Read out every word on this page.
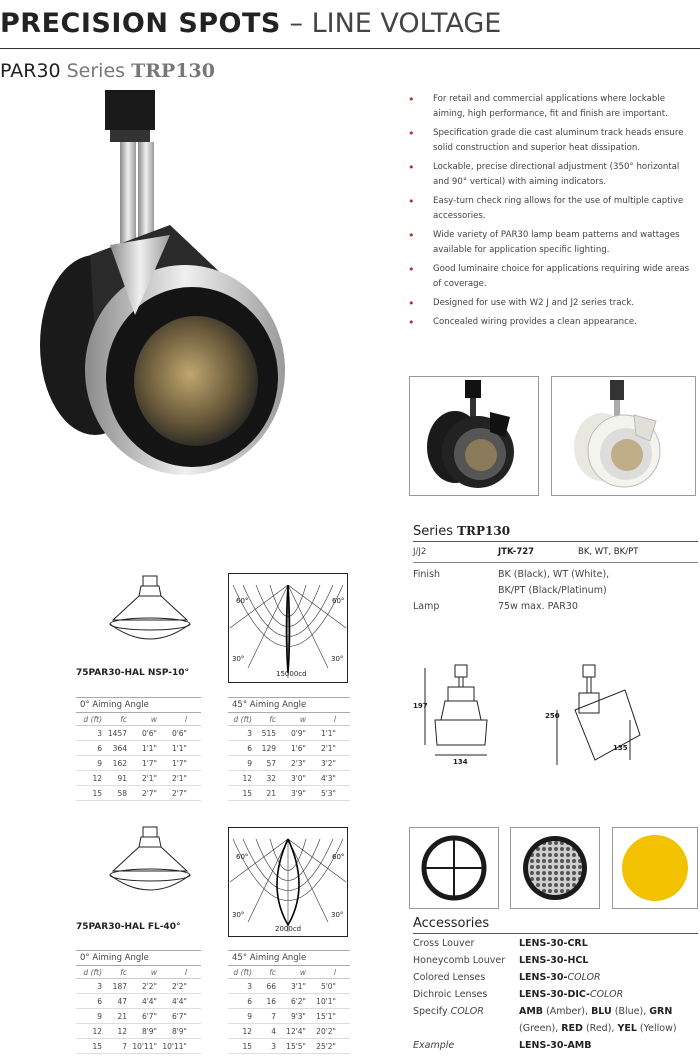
PRECISION SPOTS – LINE VOLTAGE
PAR30 Series TRP130
• For retail and commercial applications where lockable aiming, high performance, fit and finish are important.
• Specification grade die cast aluminum track heads ensure solid construction and superior heat dissipation.
• Lockable, precise directional adjustment (350° horizontal and 90° vertical) with aiming indicators.
• Easy-turn check ring allows for the use of multiple captive accessories.
• Wide variety of PAR30 lamp beam patterns and wattages available for application specific lighting.
• Good luminaire choice for applications requiring wide areas of coverage.
• Designed for use with W2 J and J2 series track.
• Concealed wiring provides a clean appearance.
Series TRP130
J/J2	JTK-727	BK, WT, BK/PT
Finish	BK (Black), WT (White),
BK/PT (Black/Platinum)
Lamp	75w max. PAR30
197
134
250
135
75PAR30-HAL NSP-10°
60°	60°
30°	30°
15000cd
0° Aiming Angle
d (ft)	fc	w	l
3 1457	0'6"	0'6"
6	364	1'1"	1'1"
9	162	1'7"	1'7"
12	91	2'1"	2'1"
15	58	2'7"	2'7"
45° Aiming Angle
d (ft)	fc	w	l
3	515	0'9"	1'1"
6	129	1'6"	2'1"
9	57	2'3"	3'2"
12	32	3'0"	4'3"
15	21	3'9"	5'3"
75PAR30-HAL FL-40°
60°	60°
30°	30°
2000cd
0° Aiming Angle
d (ft)	fc	w	l
3	187	2'2"	2'2"
6	47	4'4"	4'4"
9	21	6'7"	6'7"
12	12	8'9"	8'9"
15	7 10'11" 10'11"
45° Aiming Angle
d (ft)	fc	w	l
3	66	3'1"	5'0"
6	16	6'2"	10'1"
9	7	9'3"	15'1"
12	4	12'4"	20'2"
15	3	15'5"	25'2"
Accessories
Cross Louver	LENS-30-CRL
Honeycomb Louver LENS-30-HCL
Colored Lenses	LENS-30-COLOR
Dichroic Lenses	LENS-30-DIC-COLOR
Specify COLOR	AMB (Amber), BLU (Blue), GRN
(Green), RED (Red), YEL (Yellow)
Example	LENS-30-AMB
